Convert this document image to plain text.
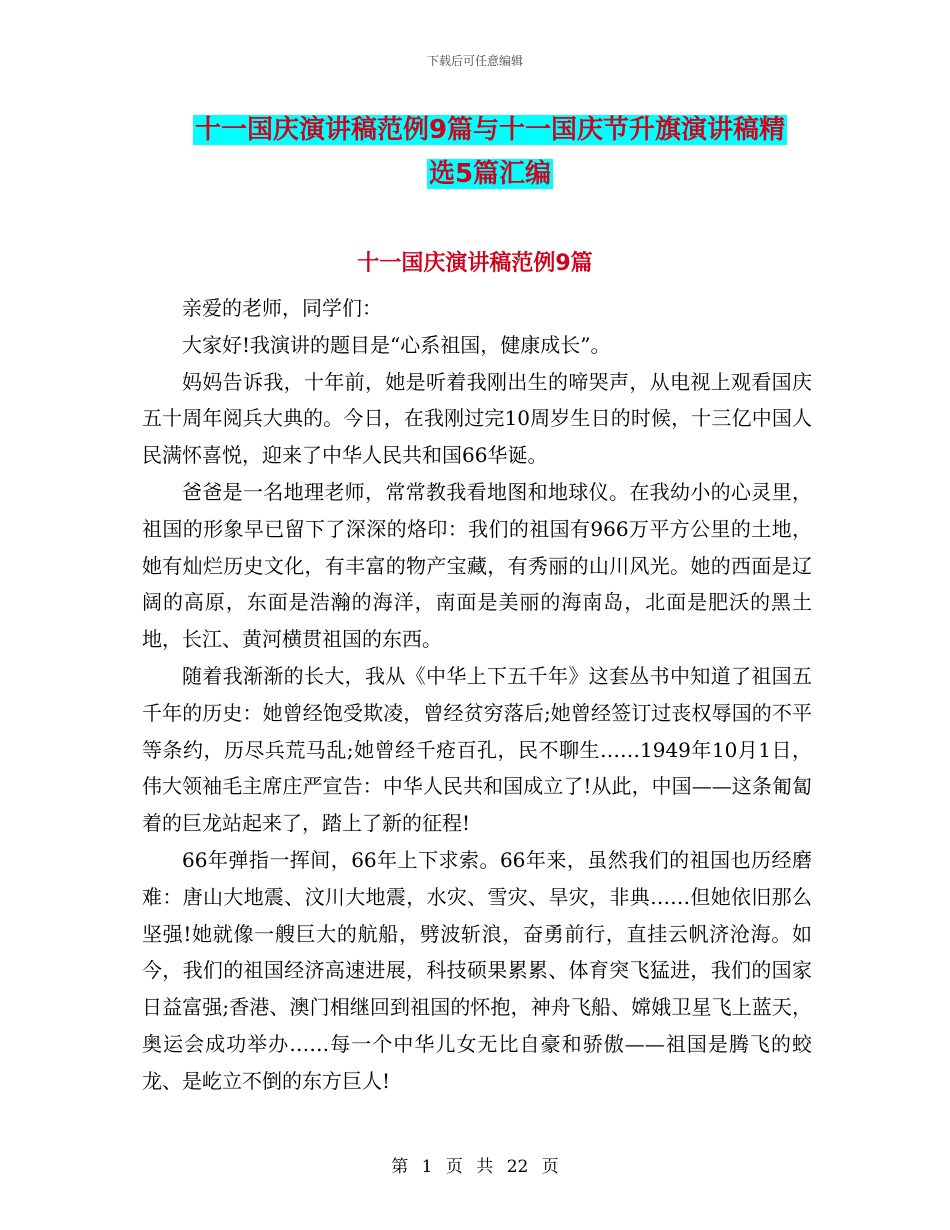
下载后可任意编辑
十一国庆演讲稿范例9篇与十一国庆节升旗演讲稿精
选5篇汇编
十一国庆演讲稿范例9篇

亲爱的老师，同学们：

大家好!我演讲的题目是“心系祖国，健康成长”。

妈妈告诉我，十年前，她是听着我刚出生的啼哭声，从电视上观看国庆五十周年阅兵大典的。今日，在我刚过完10周岁生日的时候，十三亿中国人民满怀喜悦，迎来了中华人民共和国66华诞。

爸爸是一名地理老师，常常教我看地图和地球仪。在我幼小的心灵里，祖国的形象早已留下了深深的烙印：我们的祖国有966万平方公里的土地，她有灿烂历史文化，有丰富的物产宝藏，有秀丽的山川风光。她的西面是辽阔的高原，东面是浩瀚的海洋，南面是美丽的海南岛，北面是肥沃的黑土地，长江、黄河横贯祖国的东西。

随着我渐渐的长大，我从《中华上下五千年》这套丛书中知道了祖国五千年的历史：她曾经饱受欺凌，曾经贫穷落后;她曾经签订过丧权辱国的不平等条约，历尽兵荒马乱;她曾经千疮百孔，民不聊生……1949年10月1日，伟大领袖毛主席庄严宣告：中华人民共和国成立了!从此，中国——这条匍匐着的巨龙站起来了，踏上了新的征程!

66年弹指一挥间，66年上下求索。66年来，虽然我们的祖国也历经磨难：唐山大地震、汶川大地震，水灾、雪灾、旱灾，非典……但她依旧那么坚强!她就像一艘巨大的航船，劈波斩浪，奋勇前行，直挂云帆济沧海。如今，我们的祖国经济高速进展，科技硕果累累、体育突飞猛进，我们的国家日益富强;香港、澳门相继回到祖国的怀抱，神舟飞船、嫦娥卫星飞上蓝天，奥运会成功举办……每一个中华儿女无比自豪和骄傲——祖国是腾飞的蛟龙、是屹立不倒的东方巨人!

第 1 页 共 22 页
